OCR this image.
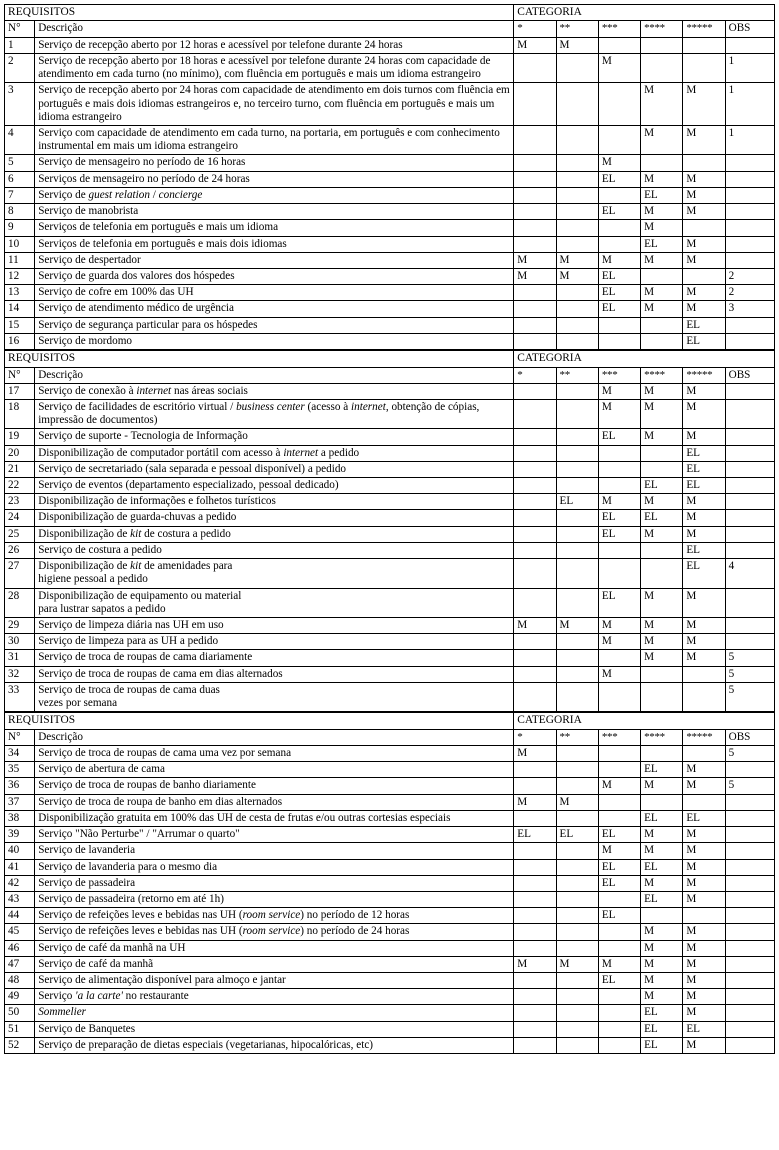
REQUISITOS		CATEGORIA					
N°	Descrição	*	**	***	****	*****	OBS
1	Serviço de recepção aberto por 12 horas e acessível por telefone durante 24 horas	M	M				
2	Serviço de recepção aberto por 18 horas e acessível por telefone durante 24 horas com capacidade de atendimento em cada turno (no mínimo), com fluência em português e mais um idioma estrangeiro			M			1
3	Serviço de recepção aberto por 24 horas com capacidade de atendimento em dois turnos com fluência em português e mais dois idiomas estrangeiros e, no terceiro turno, com fluência em português e mais um idioma estrangeiro				M	M	1
4	Serviço com capacidade de atendimento em cada turno, na portaria, em português e com conhecimento instrumental em mais um idioma estrangeiro				M	M	1
5	Serviço de mensageiro no período de 16 horas			M			
6	Serviços de mensageiro no período de 24 horas			EL	M	M	
7	Serviço de guest relation / concierge				EL	M	
8	Serviço de manobrista			EL	M	M	
9	Serviços de telefonia em português e mais um idioma				M		
10	Serviços de telefonia em português e mais dois idiomas				EL	M	
11	Serviço de despertador	M	M	M	M	M	
12	Serviço de guarda dos valores dos hóspedes	M	M	EL			2
13	Serviço de cofre em 100% das UH			EL	M	M	2
14	Serviço de atendimento médico de urgência			EL	M	M	3
15	Serviço de segurança particular para os hóspedes					EL	
16	Serviço de mordomo					EL	
REQUISITOS		CATEGORIA					
N°	Descrição	*	**	***	****	*****	OBS
17	Serviço de conexão à internet nas áreas sociais			M	M	M	
18	Serviço de facilidades de escritório virtual / business center (acesso à internet, obtenção de cópias, impressão de documentos)			M	M	M	
19	Serviço de suporte - Tecnologia de Informação			EL	M	M	
20	Disponibilização de computador portátil com acesso à internet a pedido					EL	
21	Serviço de secretariado (sala separada e pessoal disponível) a pedido					EL	
22	Serviço de eventos (departamento especializado, pessoal dedicado)				EL	EL	
23	Disponibilização de informações e folhetos turísticos		EL	M	M	M	
24	Disponibilização de guarda-chuvas a pedido			EL	EL	M	
25	Disponibilização de kit de costura a pedido			EL	M	M	
26	Serviço de costura a pedido					EL	
27	Disponibilização de kit de amenidades para
higiene pessoal a pedido					EL	4
28	Disponibilização de equipamento ou material
para lustrar sapatos a pedido			EL	M	M	
29	Serviço de limpeza diária nas UH em uso	M	M	M	M	M	
30	Serviço de limpeza para as UH a pedido			M	M	M	
31	Serviço de troca de roupas de cama diariamente				M	M	5
32	Serviço de troca de roupas de cama em dias alternados			M			5
33	Serviço de troca de roupas de cama duas
vezes por semana						5
REQUISITOS		CATEGORIA					
N°	Descrição	*	**	***	****	*****	OBS
34	Serviço de troca de roupas de cama uma vez por semana	M					5
35	Serviço de abertura de cama				EL	M	
36	Serviço de troca de roupas de banho diariamente			M	M	M	5
37	Serviço de troca de roupa de banho em dias alternados	M	M				
38	Disponibilização gratuita em 100% das UH de cesta de frutas e/ou outras cortesias especiais				EL	EL	
39	Serviço "Não Perturbe" / "Arrumar o quarto"	EL	EL	EL	M	M	
40	Serviço de lavanderia			M	M	M	
41	Serviço de lavanderia para o mesmo dia			EL	EL	M	
42	Serviço de passadeira			EL	M	M	
43	Serviço de passadeira (retorno em até 1h)				EL	M	
44	Serviço de refeições leves e bebidas nas UH (room service) no período de 12 horas			EL			
45	Serviço de refeições leves e bebidas nas UH (room service) no período de 24 horas				M	M	
46	Serviço de café da manhã na UH				M	M	
47	Serviço de café da manhã	M	M	M	M	M	
48	Serviço de alimentação disponível para almoço e jantar			EL	M	M	
49	Serviço 'a la carte' no restaurante				M	M	
50	Sommelier				EL	M	
51	Serviço de Banquetes				EL	EL	
52	Serviço de preparação de dietas especiais (vegetarianas, hipocalóricas, etc)				EL	M	
